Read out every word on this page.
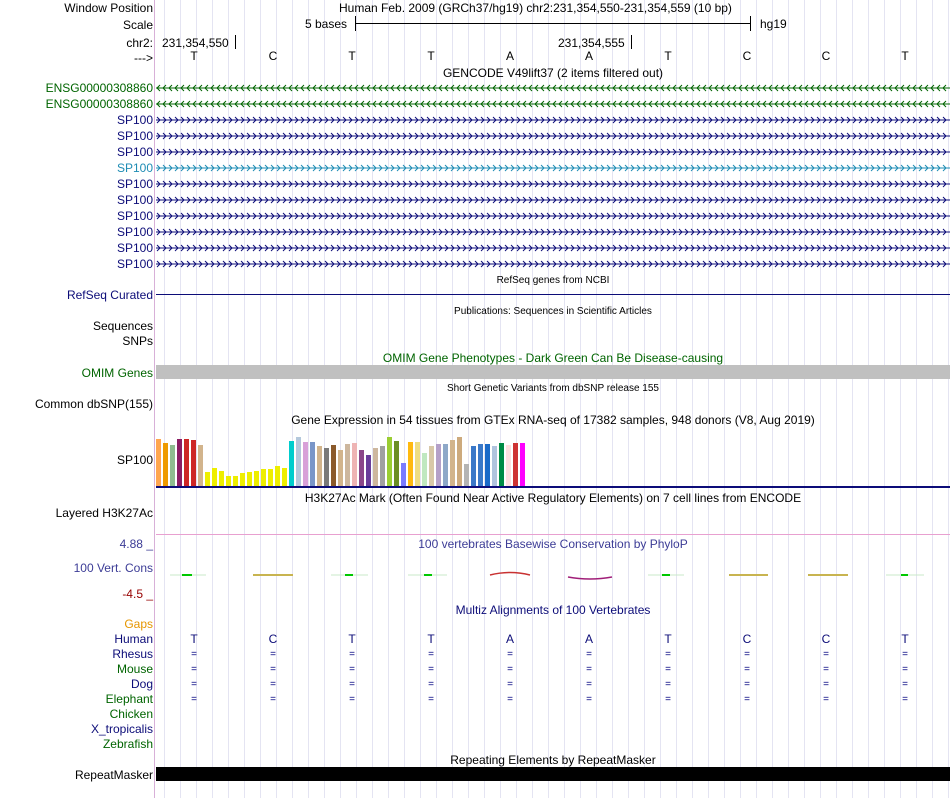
Window Position	Human Feb. 2009 (GRCh37/hg19) chr2:231,354,550-231,354,559 (10 bp)
Scale	5 bases	hg19
chr2: 231,354,550	231,354,555
--->	T	C	T	T	A	A	T	C	C	T
GENCODE V49lift37 (2 items filtered out)
ENSG00000308860
ENSG00000308860
SP100
SP100
SP100
SP100
SP100
SP100
SP100
SP100
SP100
SP100
RefSeq genes from NCBI
RefSeq Curated
Publications: Sequences in Scientific Articles
Sequences
SNPs
OMIM Gene Phenotypes - Dark Green Can Be Disease-causing
OMIM Genes
Short Genetic Variants from dbSNP release 155
Common dbSNP(155)
Gene Expression in 54 tissues from GTEx RNA-seq of 17382 samples, 948 donors (V8, Aug 2019)
SP100
H3K27Ac Mark (Often Found Near Active Regulatory Elements) on 7 cell lines from ENCODE
Layered H3K27Ac
4.88 _	100 vertebrates Basewise Conservation by PhyloP
100 Vert. Cons
-4.5 _
Multiz Alignments of 100 Vertebrates
Gaps
Human	T	C	T	T	A	A	T	C	C	T
Rhesus	=	=	=	=	=	=	=	=	=	=
Mouse	=	=	=	=	=	=	=	=	=	=
Dog	=	=	=	=	=	=	=	=	=	=
Elephant	=	=	=	=	=	=	=	=	=	=
Chicken
X_tropicalis
Zebrafish
Repeating Elements by RepeatMasker
RepeatMasker
